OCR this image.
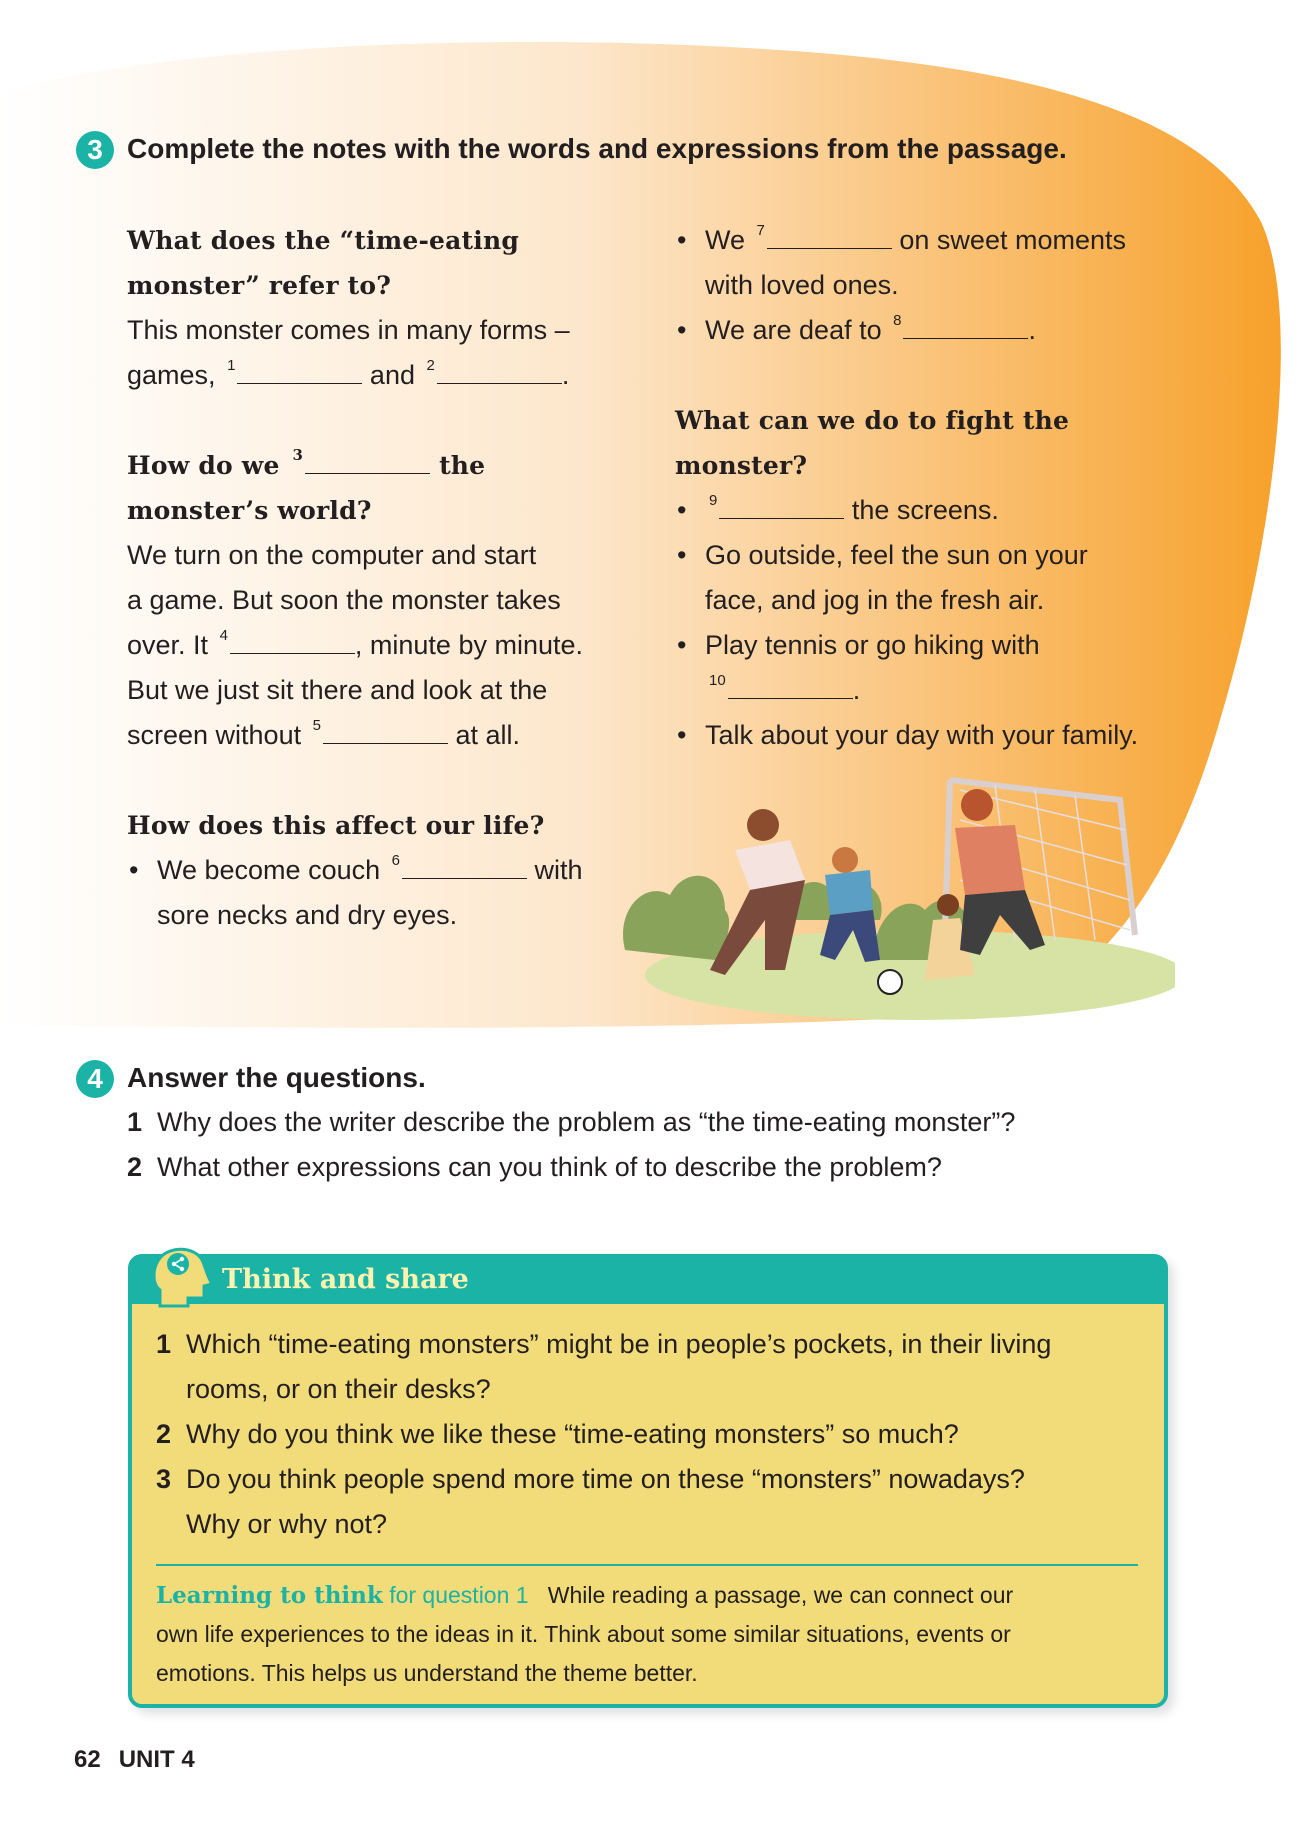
3 Complete the notes with the words and expressions from the passage.

What does the “time-eating monster” refer to?

This monster comes in many forms –

games, $^1$	and $^2$	.

How do we $^3$	the

monster’s world?

We turn on the computer and start

a game. But soon the monster takes

over. It $^4$	, minute by minute.

But we just sit there and look at the

screen without $^5$	at all.

How does this affect our life?

• We become couch $^6$	with
sore necks and dry eyes.
• We $^7$	on sweet moments
with loved ones.
• We are deaf to $^8$	.

What can we do to fight the monster?

• $^9$	the screens.
• Go outside, feel the sun on your
face, and jog in the fresh air.
• Play tennis or go hiking with
$^{10}$	.
• Talk about your day with your family.
4 Answer the questions.
1 Why does the writer describe the problem as “the time-eating monster”?
2 What other expressions can you think of to describe the problem?
Think and share
1 Which “time-eating monsters” might be in people’s pockets, in their living
rooms, or on their desks?
2 Why do you think we like these “time-eating monsters” so much?
3 Do you think people spend more time on these “monsters” nowadays?
Why or why not?
Learning to think for question 1 While reading a passage, we can connect our
own life experiences to the ideas in it. Think about some similar situations, events or
emotions. This helps us understand the theme better.
62 UNIT 4
